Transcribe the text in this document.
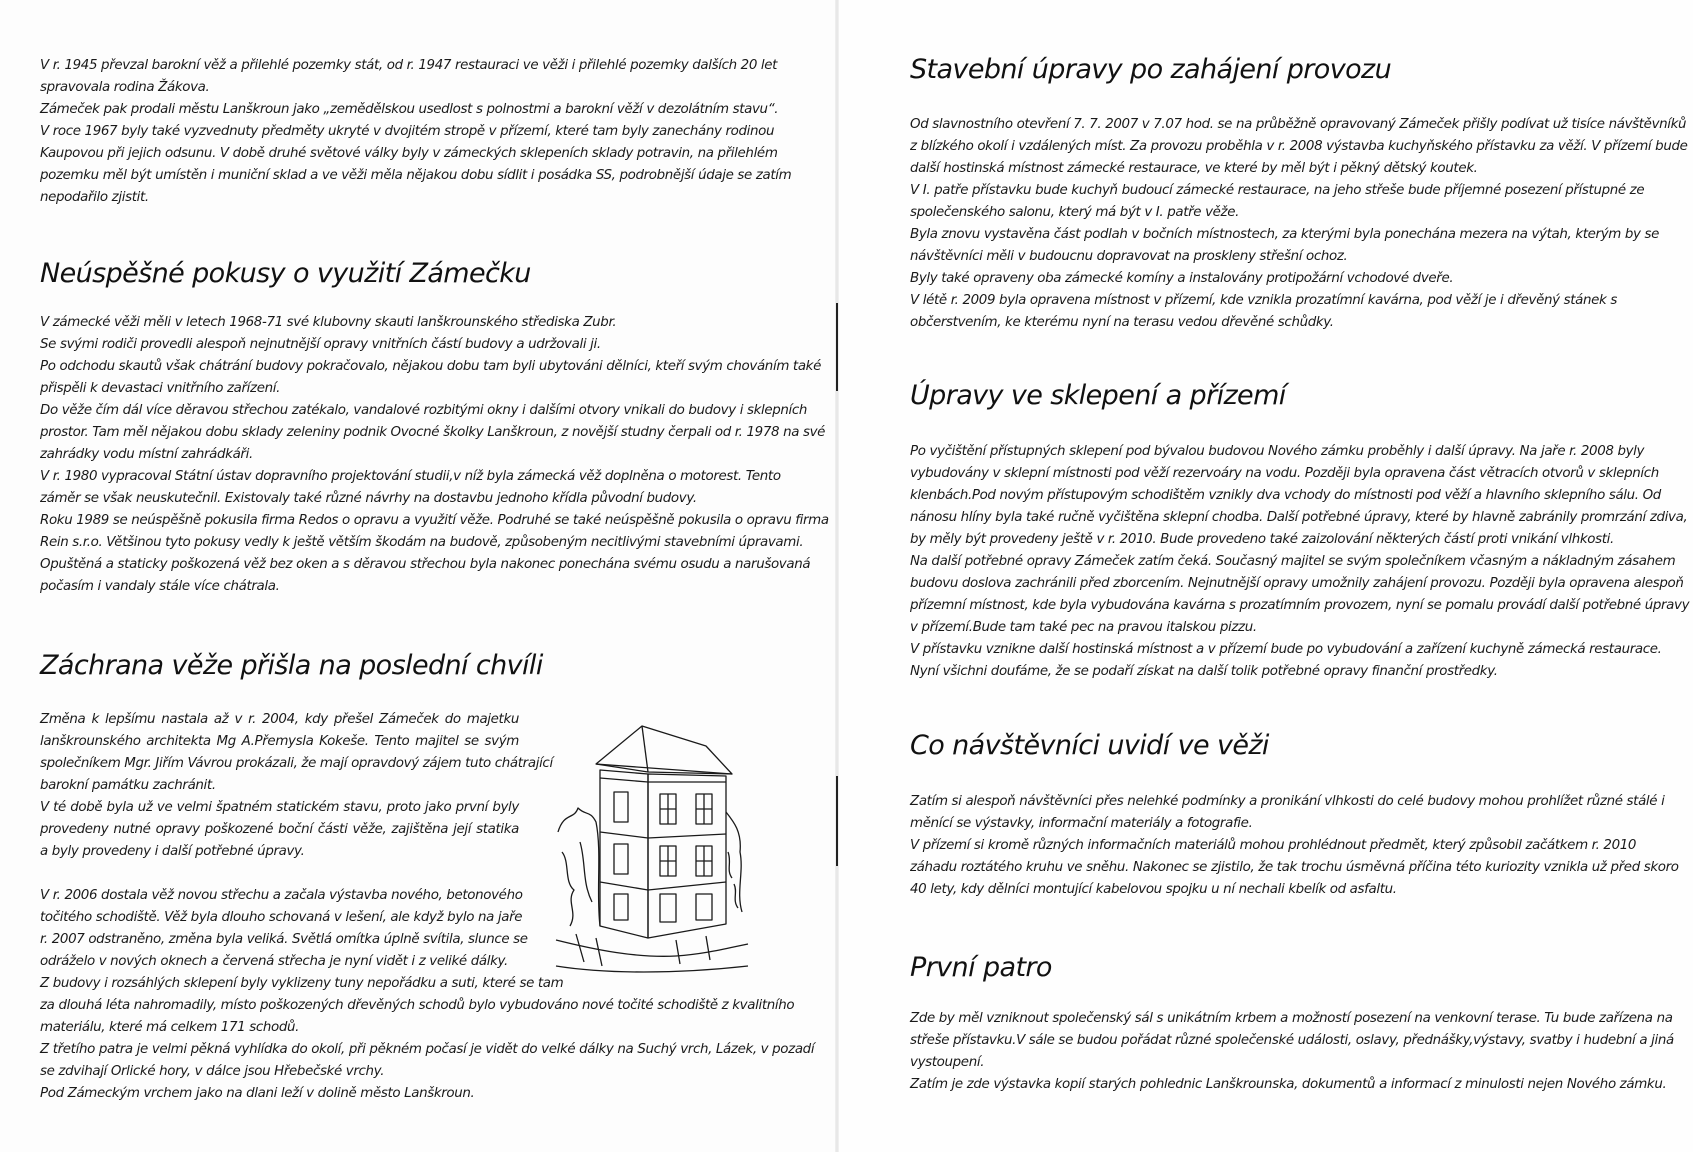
V r. 1945 převzal barokní věž a přilehlé pozemky stát, od r. 1947 restauraci ve věži i přilehlé pozemky dalších 20 let

spravovala rodina Žákova.

Zámeček pak prodali městu Lanškroun jako „zemědělskou usedlost s polnostmi a barokní věží v dezolátním stavu“.

V roce 1967 byly také vyzvednuty předměty ukryté v dvojitém stropě v přízemí, které tam byly zanechány rodinou

Kaupovou při jejich odsunu. V době druhé světové války byly v zámeckých sklepeních sklady potravin, na přilehlém

pozemku měl být umístěn i muniční sklad a ve věži měla nějakou dobu sídlit i posádka SS, podrobnější údaje se zatím

nepodařilo zjistit.

Neúspěšné pokusy o využití Zámečku

V zámecké věži měli v letech 1968-71 své klubovny skauti lanškrounského střediska Zubr.

Se svými rodiči provedli alespoň nejnutnější opravy vnitřních částí budovy a udržovali ji.

Po odchodu skautů však chátrání budovy pokračovalo, nějakou dobu tam byli ubytováni dělníci, kteří svým chováním také

přispěli k devastaci vnitřního zařízení.

Do věže čím dál více děravou střechou zatékalo, vandalové rozbitými okny i dalšími otvory vnikali do budovy i sklepních

prostor. Tam měl nějakou dobu sklady zeleniny podnik Ovocné školky Lanškroun, z novější studny čerpali od r. 1978 na své

zahrádky vodu místní zahrádkáři.

V r. 1980 vypracoval Státní ústav dopravního projektování studii,v níž byla zámecká věž doplněna o motorest. Tento

záměr se však neuskutečnil. Existovaly také různé návrhy na dostavbu jednoho křídla původní budovy.

Roku 1989 se neúspěšně pokusila firma Redos o opravu a využití věže. Podruhé se také neúspěšně pokusila o opravu firma

Rein s.r.o. Většinou tyto pokusy vedly k ještě větším škodám na budově, způsobeným necitlivými stavebními úpravami.

Opuštěná a staticky poškozená věž bez oken a s děravou střechou byla nakonec ponechána svému osudu a narušovaná

počasím i vandaly stále více chátrala.

Záchrana věže přišla na poslední chvíli

Změna k lepšímu nastala až v r. 2004, kdy přešel Zámeček do majetku

lanškrounského architekta Mg A.Přemysla Kokeše. Tento majitel se svým

společníkem Mgr. Jiřím Vávrou prokázali, že mají opravdový zájem tuto chátrající

barokní památku zachránit.

V té době byla už ve velmi špatném statickém stavu, proto jako první byly

provedeny nutné opravy poškozené boční části věže, zajištěna její statika

a byly provedeny i další potřebné úpravy.

V r. 2006 dostala věž novou střechu a začala výstavba nového, betonového

točitého schodiště. Věž byla dlouho schovaná v lešení, ale když bylo na jaře

r. 2007 odstraněno, změna byla veliká. Světlá omítka úplně svítila, slunce se

odráželo v nových oknech a červená střecha je nyní vidět i z veliké dálky.

Z budovy i rozsáhlých sklepení byly vyklizeny tuny nepořádku a suti, které se tam

za dlouhá léta nahromadily, místo poškozených dřevěných schodů bylo vybudováno nové točité schodiště z kvalitního

materiálu, které má celkem 171 schodů.

Z třetího patra je velmi pěkná vyhlídka do okolí, při pěkném počasí je vidět do velké dálky na Suchý vrch, Lázek, v pozadí

se zdvihají Orlické hory, v dálce jsou Hřebečské vrchy.

Pod Zámeckým vrchem jako na dlani leží v dolině město Lanškroun.

Stavební úpravy po zahájení provozu

Od slavnostního otevření 7. 7. 2007 v 7.07 hod. se na průběžně opravovaný Zámeček přišly podívat už tisíce návštěvníků

z blízkého okolí i vzdálených míst. Za provozu proběhla v r. 2008 výstavba kuchyňského přístavku za věží. V přízemí bude

další hostinská místnost zámecké restaurace, ve které by měl být i pěkný dětský koutek.

V I. patře přístavku bude kuchyň budoucí zámecké restaurace, na jeho střeše bude příjemné posezení přístupné ze

společenského salonu, který má být v I. patře věže.

Byla znovu vystavěna část podlah v bočních místnostech, za kterými byla ponechána mezera na výtah, kterým by se

návštěvníci měli v budoucnu dopravovat na proskleny střešní ochoz.

Byly také opraveny oba zámecké komíny a instalovány protipožární vchodové dveře.

V létě r. 2009 byla opravena místnost v přízemí, kde vznikla prozatímní kavárna, pod věží je i dřevěný stánek s

občerstvením, ke kterému nyní na terasu vedou dřevěné schůdky.

Úpravy ve sklepení a přízemí

Po vyčištění přístupných sklepení pod bývalou budovou Nového zámku proběhly i další úpravy. Na jaře r. 2008 byly

vybudovány v sklepní místnosti pod věží rezervoáry na vodu. Později byla opravena část větracích otvorů v sklepních

klenbách.Pod novým přístupovým schodištěm vznikly dva vchody do místnosti pod věží a hlavního sklepního sálu. Od

nánosu hlíny byla také ručně vyčištěna sklepní chodba. Další potřebné úpravy, které by hlavně zabránily promrzání zdiva,

by měly být provedeny ještě v r. 2010. Bude provedeno také zaizolování některých částí proti vnikání vlhkosti.

Na další potřebné opravy Zámeček zatím čeká. Současný majitel se svým společníkem včasným a nákladným zásahem

budovu doslova zachránili před zborcením. Nejnutnější opravy umožnily zahájení provozu. Později byla opravena alespoň

přízemní místnost, kde byla vybudována kavárna s prozatímním provozem, nyní se pomalu provádí další potřebné úpravy

v přízemí.Bude tam také pec na pravou italskou pizzu.

V přístavku vznikne další hostinská místnost a v přízemí bude po vybudování a zařízení kuchyně zámecká restaurace.

Nyní všichni doufáme, že se podaří získat na další tolik potřebné opravy finanční prostředky.

Co návštěvníci uvidí ve věži

Zatím si alespoň návštěvníci přes nelehké podmínky a pronikání vlhkosti do celé budovy mohou prohlížet různé stálé i

měnící se výstavky, informační materiály a fotografie.

V přízemí si kromě různých informačních materiálů mohou prohlédnout předmět, který způsobil začátkem r. 2010

záhadu roztátého kruhu ve sněhu. Nakonec se zjistilo, že tak trochu úsměvná příčina této kuriozity vznikla už před skoro

40 lety, kdy dělníci montující kabelovou spojku u ní nechali kbelík od asfaltu.

První patro

Zde by měl vzniknout společenský sál s unikátním krbem a možností posezení na venkovní terase. Tu bude zařízena na

střeše přístavku.V sále se budou pořádat různé společenské události, oslavy, přednášky,výstavy, svatby i hudební a jiná

vystoupení.

Zatím je zde výstavka kopií starých pohlednic Lanškrounska, dokumentů a informací z minulosti nejen Nového zámku.
